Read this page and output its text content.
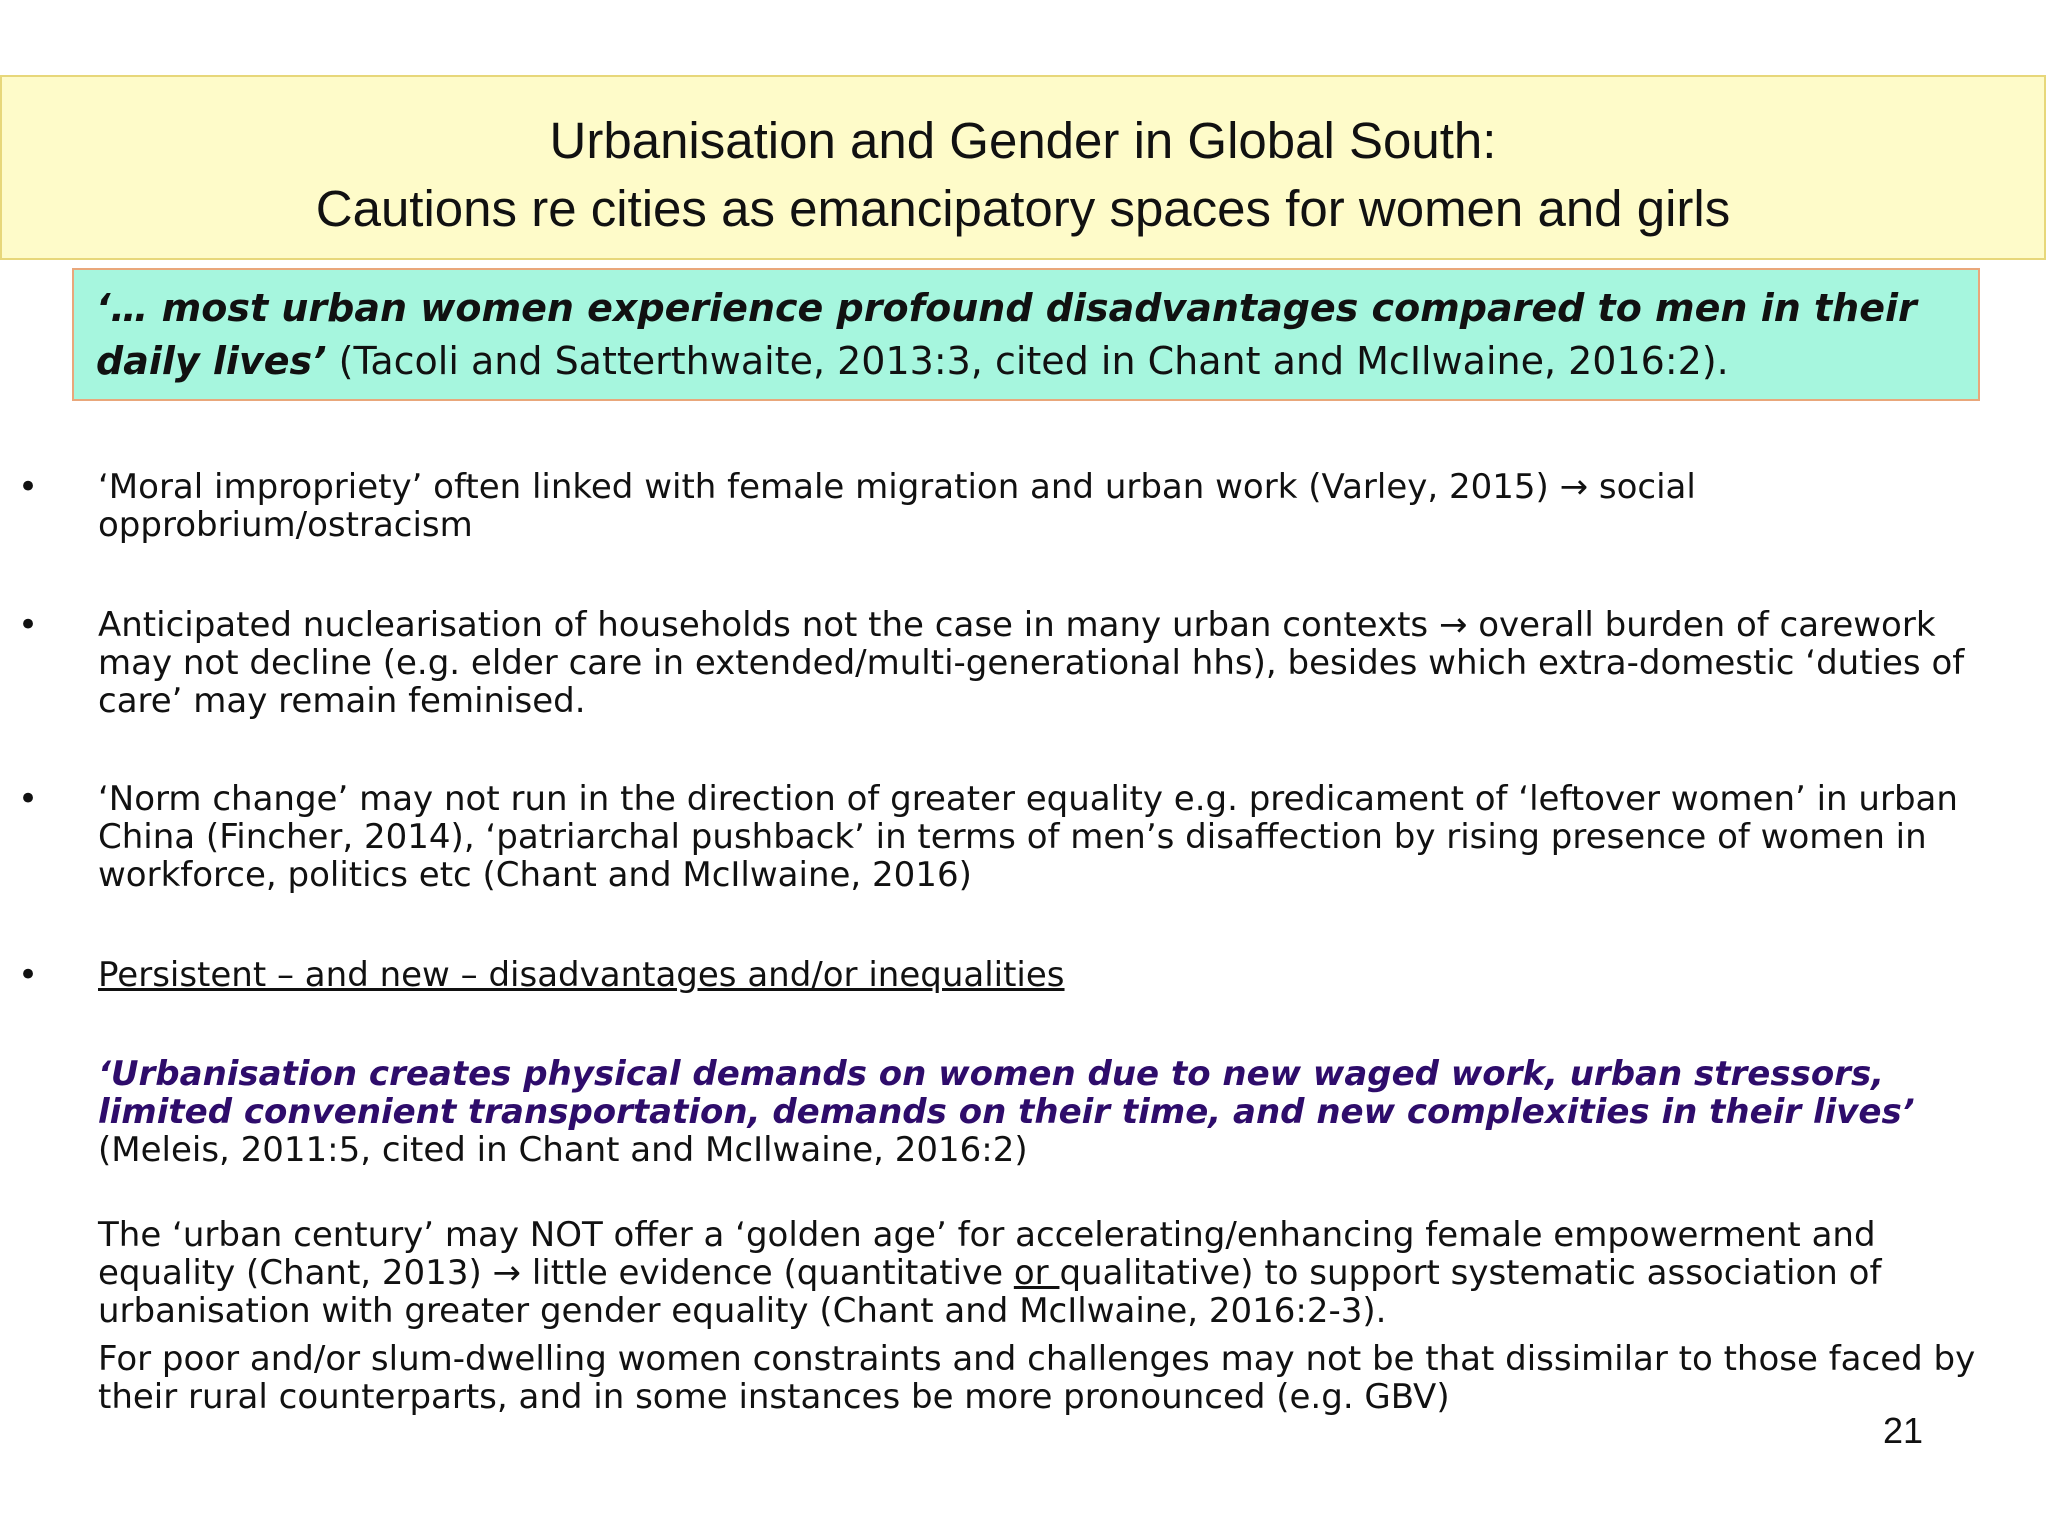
Urbanisation and Gender in Global South:
Cautions re cities as emancipatory spaces for women and girls
‘… most urban women experience profound disadvantages compared to men in their daily lives’ (Tacoli and Satterthwaite, 2013:3, cited in Chant and McIlwaine, 2016:2).
• ‘Moral impropriety’ often linked with female migration and urban work (Varley, 2015) → social opprobrium/ostracism
• Anticipated nuclearisation of households not the case in many urban contexts → overall burden of carework may not decline (e.g. elder care in extended/multi-generational hhs), besides which extra-domestic ‘duties of care’ may remain feminised.
• ‘Norm change’ may not run in the direction of greater equality e.g. predicament of ‘leftover women’ in urban China (Fincher, 2014), ‘patriarchal pushback’ in terms of men’s disaffection by rising presence of women in workforce, politics etc (Chant and McIlwaine, 2016)
• Persistent – and new – disadvantages and/or inequalities
‘Urbanisation creates physical demands on women due to new waged work, urban stressors, limited convenient transportation, demands on their time, and new complexities in their lives’ (Meleis, 2011:5, cited in Chant and McIlwaine, 2016:2)
The ‘urban century’ may NOT offer a ‘golden age’ for accelerating/enhancing female empowerment and equality (Chant, 2013) → little evidence (quantitative or qualitative) to support systematic association of urbanisation with greater gender equality (Chant and McIlwaine, 2016:2-3).
For poor and/or slum-dwelling women constraints and challenges may not be that dissimilar to those faced by their rural counterparts, and in some instances be more pronounced (e.g. GBV)
21
